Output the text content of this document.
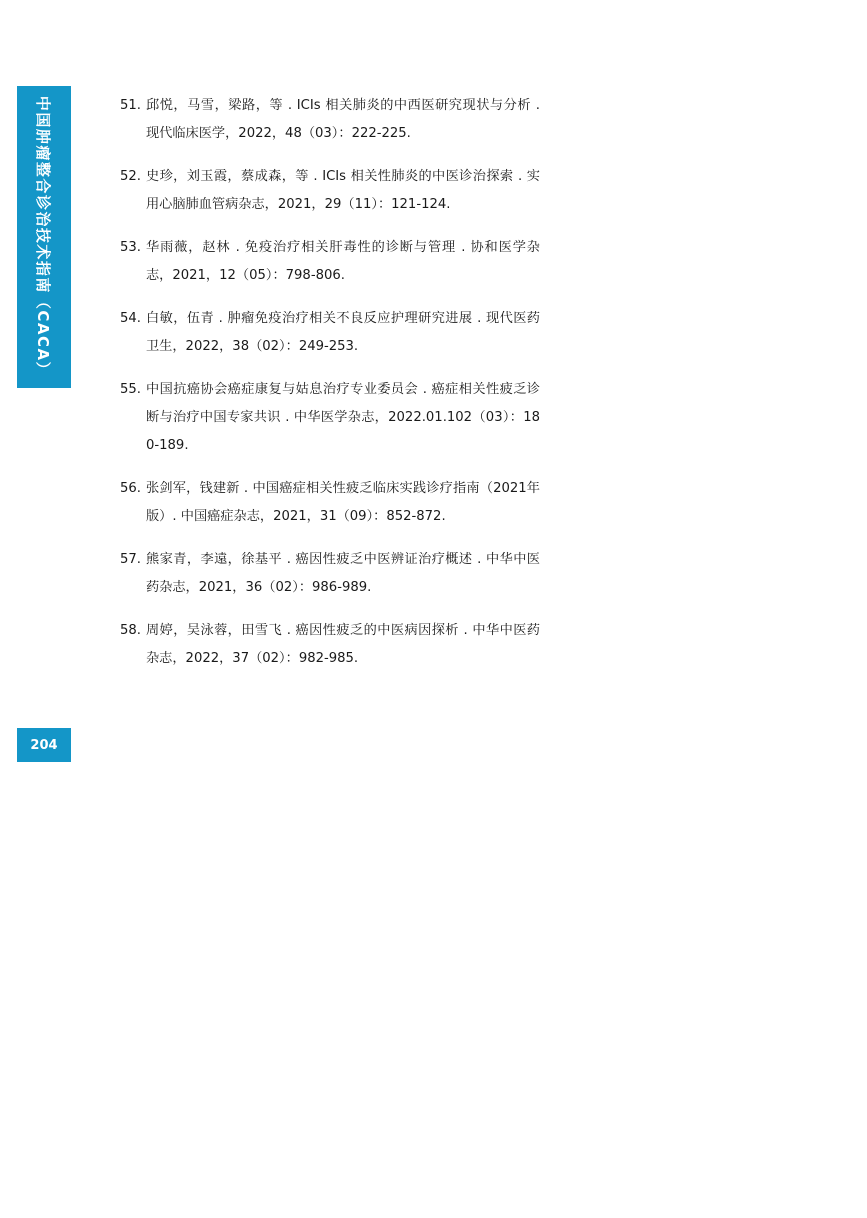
中国肿瘤整合诊治技术指南（CACA）
204
51. 邱悦，马雪，梁路，等 . ICIs 相关肺炎的中西医研究现状与分析 . 现代临床医学，2022，48（03）：222-225.
52. 史珍，刘玉霞，蔡成森，等 . ICIs 相关性肺炎的中医诊治探索 . 实用心脑肺血管病杂志，2021，29（11）：121-124.
53. 华雨薇，赵林 . 免疫治疗相关肝毒性的诊断与管理 . 协和医学杂志，2021，12（05）：798-806.
54. 白敏，伍青 . 肿瘤免疫治疗相关不良反应护理研究进展 . 现代医药卫生，2022，38（02）：249-253.
55. 中国抗癌协会癌症康复与姑息治疗专业委员会 . 癌症相关性疲乏诊断与治疗中国专家共识 . 中华医学杂志，2022.01.102（03）：180-189.
56. 张剑军，钱建新 . 中国癌症相关性疲乏临床实践诊疗指南（2021年版）. 中国癌症杂志，2021，31（09）：852-872.
57. 熊家青，李遠，徐基平 . 癌因性疲乏中医辨证治疗概述 . 中华中医药杂志，2021，36（02）：986-989.
58. 周婷，吴泳蓉，田雪飞 . 癌因性疲乏的中医病因探析 . 中华中医药杂志，2022，37（02）：982-985.
